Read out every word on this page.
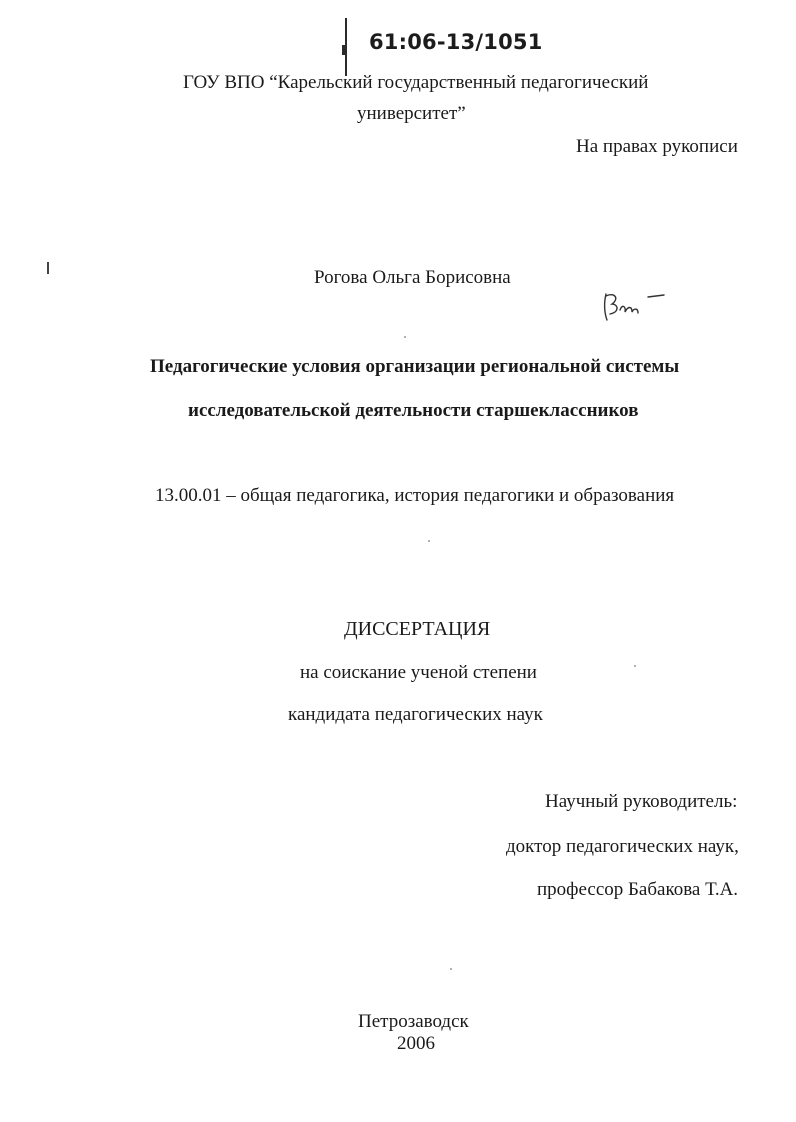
61:06-13/1051
ГОУ ВПО “Карельский государственный педагогический
университет”
На правах рукописи
Рогова Ольга Борисовна
Педагогические условия организации региональной системы
исследовательской деятельности старшеклассников
13.00.01 – общая педагогика, история педагогики и образования
ДИССЕРТАЦИЯ
на соискание ученой степени
кандидата педагогических наук
Научный руководитель:
доктор педагогических наук,
профессор Бабакова Т.А.
Петрозаводск
2006
